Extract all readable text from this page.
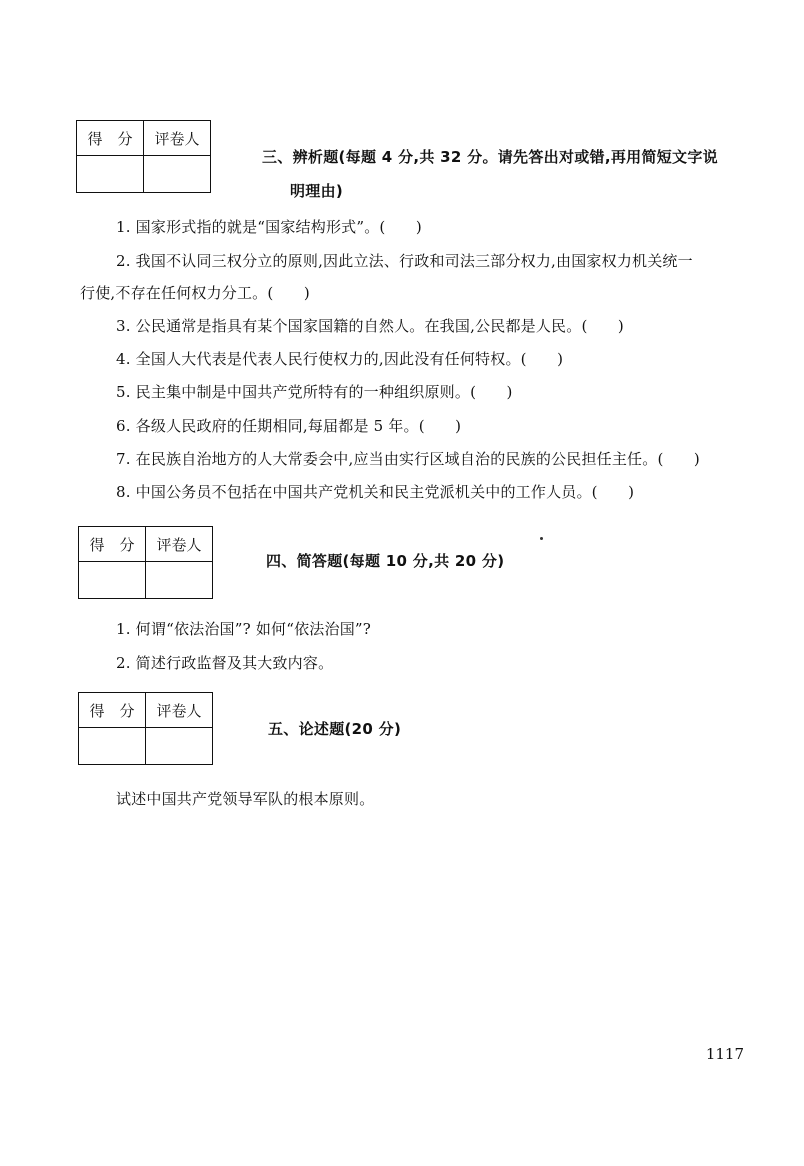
得　分	评卷人

三、辨析题(每题 4 分,共 32 分。请先答出对或错,再用简短文字说
明理由)
1. 国家形式指的就是“国家结构形式”。(　　)
2. 我国不认同三权分立的原则,因此立法、行政和司法三部分权力,由国家权力机关统一
行使,不存在任何权力分工。(　　)
3. 公民通常是指具有某个国家国籍的自然人。在我国,公民都是人民。(　　)
4. 全国人大代表是代表人民行使权力的,因此没有任何特权。(　　)
5. 民主集中制是中国共产党所特有的一种组织原则。(　　)
6. 各级人民政府的任期相同,每届都是 5 年。(　　)
7. 在民族自治地方的人大常委会中,应当由实行区域自治的民族的公民担任主任。(　　)
8. 中国公务员不包括在中国共产党机关和民主党派机关中的工作人员。(　　)
得　分	评卷人

四、简答题(每题 10 分,共 20 分)
1. 何谓“依法治国”? 如何“依法治国”?
2. 简述行政监督及其大致内容。
得　分	评卷人

五、论述题(20 分)
试述中国共产党领导军队的根本原则。
1117
